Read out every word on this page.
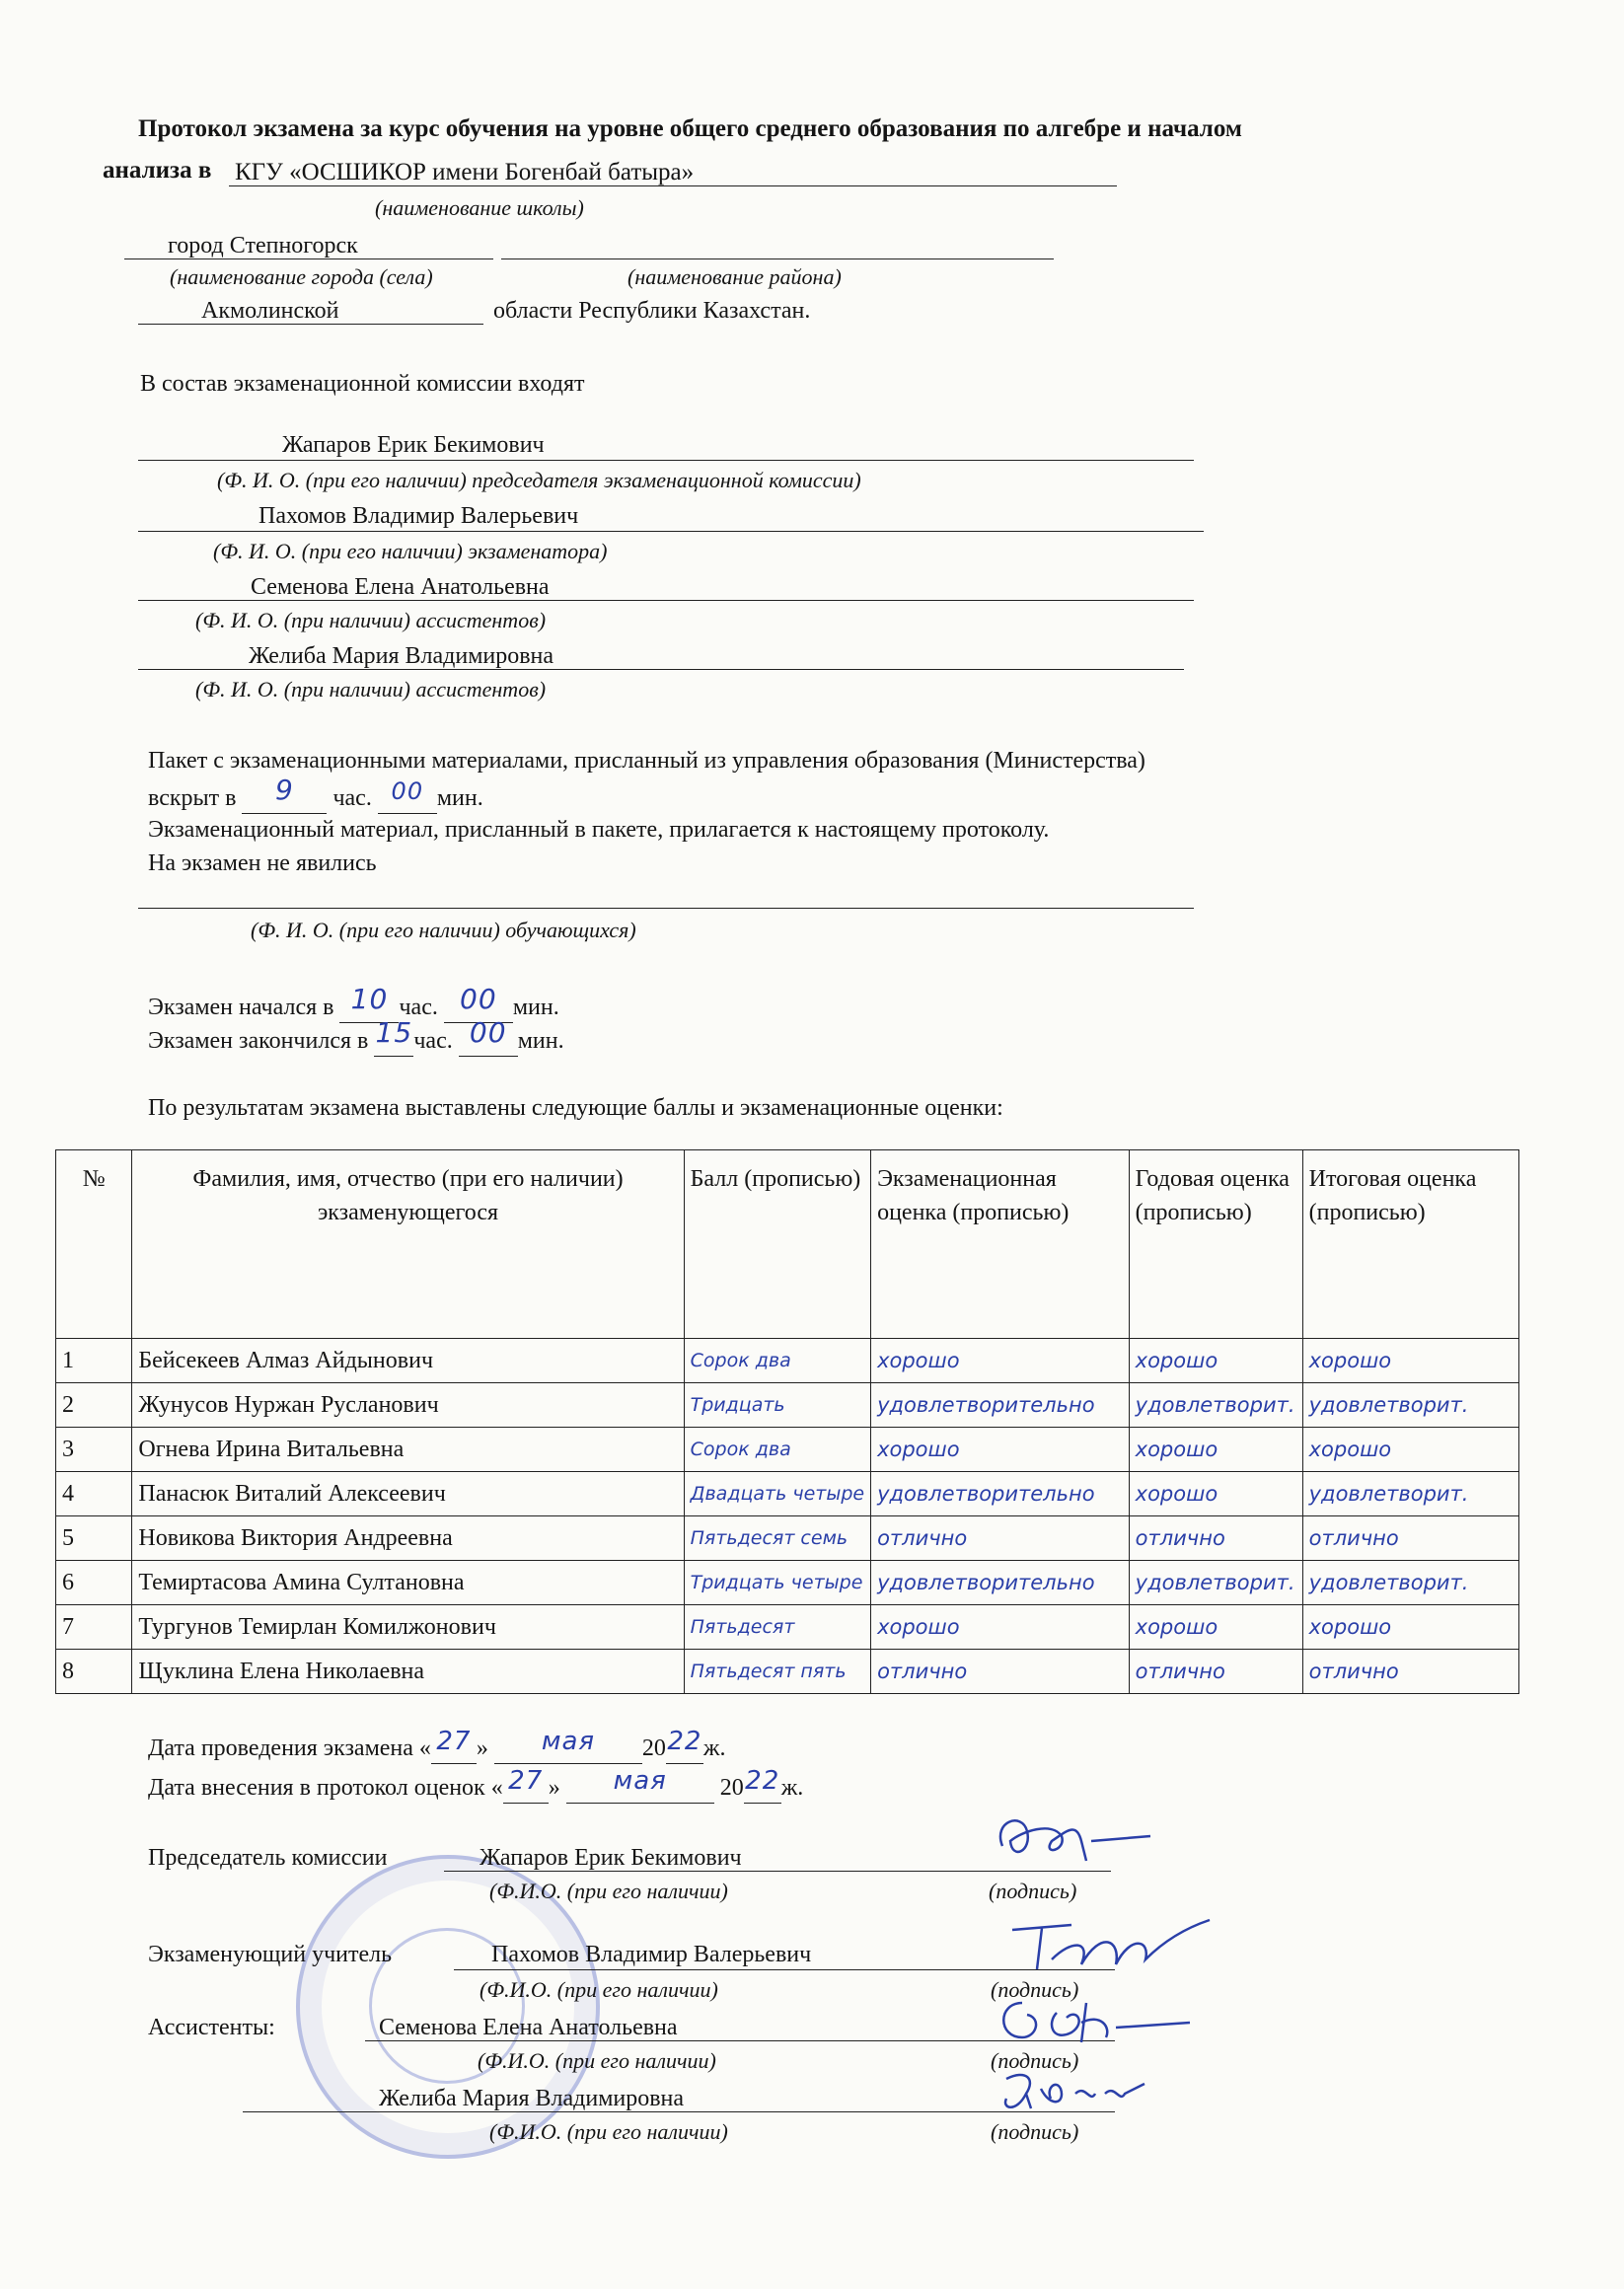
Протокол экзамена за курс обучения на уровне общего среднего образования по алгебре и началом
анализа в КГУ «ОСШИКОР имени Богенбай батыра»
(наименование школы)
город Степногорск
(наименование города (села)	(наименование района)
Акмолинской	области Республики Казахстан.
В состав экзаменационной комиссии входят
Жапаров Ерик Бекимович
(Ф. И. О. (при его наличии) председателя экзаменационной комиссии)
Пахомов Владимир Валерьевич
(Ф. И. О. (при его наличии) экзаменатора)
Семенова Елена Анатольевна
(Ф. И. О. (при наличии) ассистентов)
Желиба Мария Владимировна
(Ф. И. О. (при наличии) ассистентов)
Пакет с экзаменационными материалами, присланный из управления образования (Министерства)
вскрыт в 9 час. 00 мин.
Экзаменационный материал, присланный в пакете, прилагается к настоящему протоколу.
На экзамен не явились
(Ф. И. О. (при его наличии) обучающихся)
Экзамен начался в 10 час. 00 мин.
Экзамен закончился в 15час. 00 мин.
По результатам экзамена выставлены следующие баллы и экзаменационные оценки:
№	Фамилия, имя, отчество (при его наличии) экзаменующегося	Балл (прописью)	Экзаменационная оценка (прописью)	Годовая оценка (прописью)	Итоговая оценка (прописью)
1	Бейсекеев Алмаз Айдынович	Сорок два	хорошо	хорошо	хорошо
2	Жунусов Нуржан Русланович	Тридцать	удовлетворительно	удовлетворит.	удовлетворит.
3	Огнева Ирина Витальевна	Сорок два	хорошо	хорошо	хорошо
4	Панасюк Виталий Алексеевич	Двадцать четыре	удовлетворительно	хорошо	удовлетворит.
5	Новикова Виктория Андреевна	Пятьдесят семь	отлично	отлично	отлично
6	Темиртасова Амина Султановна	Тридцать четыре	удовлетворительно	удовлетворит.	удовлетворит.
7	Тургунов Темирлан Комилжонович	Пятьдесят	хорошо	хорошо	хорошо
8	Щуклина Елена Николаевна	Пятьдесят пять	отлично	отлично	отлично
Дата проведения экзамена « 27 » мая 2022ж.
Дата внесения в протокол оценок « 27 » мая 2022ж.
Председатель комиссии	Жапаров Ерик Бекимович
(Ф.И.О. (при его наличии)	(подпись)
Экзаменующий учитель	Пахомов Владимир Валерьевич
(Ф.И.О. (при его наличии)	(подпись)
Ассистенты:	Семенова Елена Анатольевна
(Ф.И.О. (при его наличии)	(подпись)
Желиба Мария Владимировна
(Ф.И.О. (при его наличии)	(подпись)
